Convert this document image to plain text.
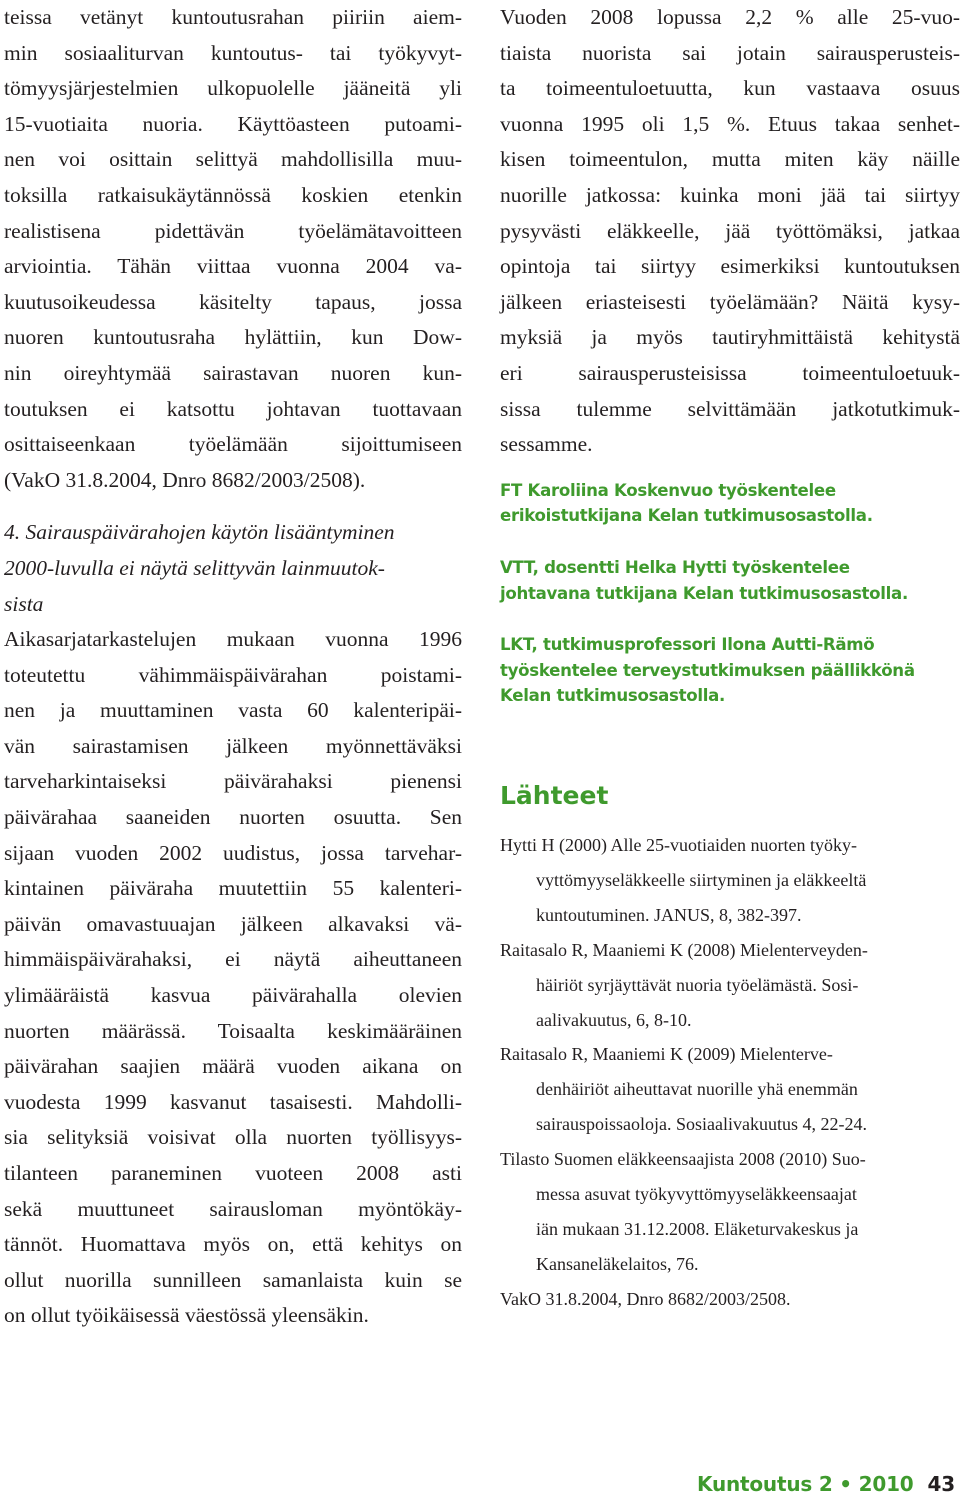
teissa vetänyt kuntoutusrahan piiriin aiem-
min sosiaaliturvan kuntoutus- tai työkyvyt-
tömyysjärjestelmien ulkopuolelle jääneitä yli
15-vuotiaita nuoria. Käyttöasteen putoami-
nen voi osittain selittyä mahdollisilla muu-
toksilla ratkaisukäytännössä koskien etenkin
realistisena pidettävän työelämätavoitteen
arviointia. Tähän viittaa vuonna 2004 va-
kuutusoikeudessa käsitelty tapaus, jossa
nuoren kuntoutusraha hylättiin, kun Dow-
nin oireyhtymää sairastavan nuoren kun-
toutuksen ei katsottu johtavan tuottavaan
osittaiseenkaan työelämään sijoittumiseen
(VakO 31.8.2004, Dnro 8682/2003/2508).
4. Sairauspäivärahojen käytön lisääntyminen
2000-luvulla ei näytä selittyvän lainmuutok-
sista
Aikasarjatarkastelujen mukaan vuonna 1996
toteutettu vähimmäispäivärahan poistami-
nen ja muuttaminen vasta 60 kalenteripäi-
vän sairastamisen jälkeen myönnettäväksi
tarveharkintaiseksi päivärahaksi pienensi
päivärahaa saaneiden nuorten osuutta. Sen
sijaan vuoden 2002 uudistus, jossa tarvehar-
kintainen päiväraha muutettiin 55 kalenteri-
päivän omavastuuajan jälkeen alkavaksi vä-
himmäispäivärahaksi, ei näytä aiheuttaneen
ylimääräistä kasvua päivärahalla olevien
nuorten määrässä. Toisaalta keskimääräinen
päivärahan saajien määrä vuoden aikana on
vuodesta 1999 kasvanut tasaisesti. Mahdolli-
sia selityksiä voisivat olla nuorten työllisyys-
tilanteen paraneminen vuoteen 2008 asti
sekä muuttuneet sairausloman myöntökäy-
tännöt. Huomattava myös on, että kehitys on
ollut nuorilla sunnilleen samanlaista kuin se
on ollut työikäisessä väestössä yleensäkin.
Vuoden 2008 lopussa 2,2 % alle 25-vuo-
tiaista nuorista sai jotain sairausperusteis-
ta toimeentuloetuutta, kun vastaava osuus
vuonna 1995 oli 1,5 %. Etuus takaa senhet-
kisen toimeentulon, mutta miten käy näille
nuorille jatkossa: kuinka moni jää tai siirtyy
pysyvästi eläkkeelle, jää työttömäksi, jatkaa
opintoja tai siirtyy esimerkiksi kuntoutuksen
jälkeen eriasteisesti työelämään? Näitä kysy-
myksiä ja myös tautiryhmittäistä kehitystä
eri sairausperusteisissa toimeentuloetuuk-
sissa tulemme selvittämään jatkotutkimuk-
sessamme.
FT Karoliina Koskenvuo työskentelee
erikoistutkijana Kelan tutkimusosastolla.
VTT, dosentti Helka Hytti työskentelee
johtavana tutkijana Kelan tutkimusosastolla.
LKT, tutkimusprofessori Ilona Autti-Rämö
työskentelee terveystutkimuksen päällikkönä
Kelan tutkimusosastolla.
Lähteet
Hytti H (2000) Alle 25-vuotiaiden nuorten työky-
vyttömyyseläkkeelle siirtyminen ja eläkkeeltä
kuntoutuminen. JANUS, 8, 382-397.
Raitasalo R, Maaniemi K (2008) Mielenterveyden-
häiriöt syrjäyttävät nuoria työelämästä. Sosi-
aalivakuutus, 6, 8-10.
Raitasalo R, Maaniemi K (2009) Mielenterve-
denhäiriöt aiheuttavat nuorille yhä enemmän
sairauspoissaoloja. Sosiaalivakuutus 4, 22-24.
Tilasto Suomen eläkkeensaajista 2008 (2010) Suo-
messa asuvat työkyvyttömyyseläkkeensaajat
iän mukaan 31.12.2008. Eläketurvakeskus ja
Kansaneläkelaitos, 76.
VakO 31.8.2004, Dnro 8682/2003/2508.
Kuntoutus 2 • 2010 43
